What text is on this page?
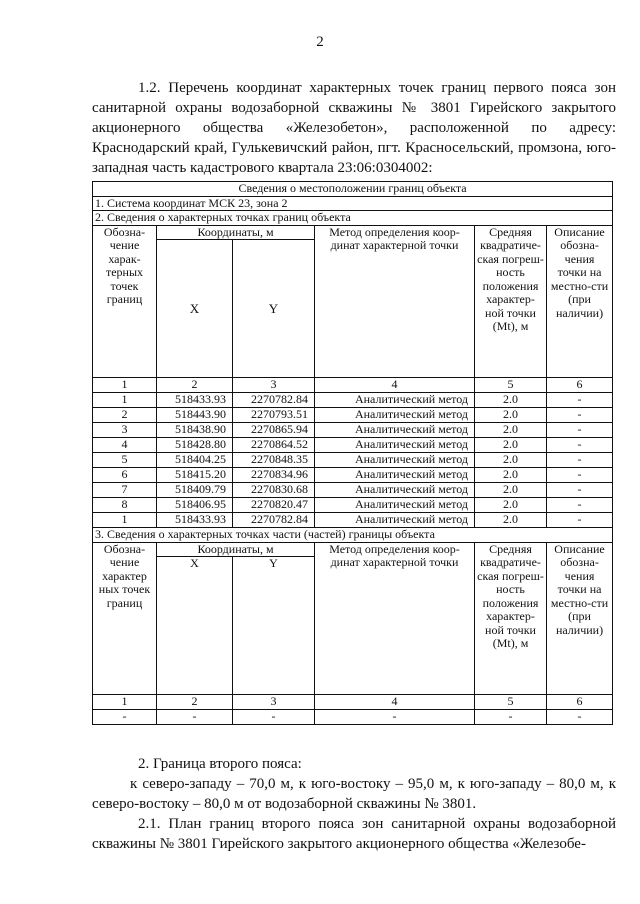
2

1.2. Перечень координат характерных точек границ первого пояса зон санитарной охраны водозаборной скважины № 3801 Гирейского закрытого акционерного общества «Железобетон», расположенной по адресу: Краснодарский край, Гулькевичский район, пгт. Красносельский, промзона, юго-западная часть кадастрового квартала 23:06:0304002:

Сведения о местоположении границ объекта					
1. Система координат МСК 23, зона 2					
2. Сведения о характерных точках границ объекта					
Обозна-чение харак-терных точек границ	Координаты, м		Метод определения коор-динат характерной точки	Средняя квадратиче-ская погреш-ность положения характер-ной точки (Mt), м	Описание обозна-чения точки на местно-сти (при наличии)
	X	Y			
1	2	3	4	5	6
1	518433.93	2270782.84	Аналитический метод	2.0	-
2	518443.90	2270793.51	Аналитический метод	2.0	-
3	518438.90	2270865.94	Аналитический метод	2.0	-
4	518428.80	2270864.52	Аналитический метод	2.0	-
5	518404.25	2270848.35	Аналитический метод	2.0	-
6	518415.20	2270834.96	Аналитический метод	2.0	-
7	518409.79	2270830.68	Аналитический метод	2.0	-
8	518406.95	2270820.47	Аналитический метод	2.0	-
1	518433.93	2270782.84	Аналитический метод	2.0	-
3. Сведения о характерных точках части (частей) границы объекта					
Обозна-чение характер ных точек границ	Координаты, м		Метод определения коор-динат характерной точки	Средняя квадратиче-ская погреш-ность положения характер-ной точки (Mt), м	Описание обозна-чения точки на местно-сти (при наличии)
	X	Y			
1	2	3	4	5	6
-	-	-	-	-	-

2. Граница второго пояса:

к северо-западу – 70,0 м, к юго-востоку – 95,0 м, к юго-западу – 80,0 м, к северо-востоку – 80,0 м от водозаборной скважины № 3801.

2.1. План границ второго пояса зон санитарной охраны водозаборной скважины № 3801 Гирейского закрытого акционерного общества «Железобе-
